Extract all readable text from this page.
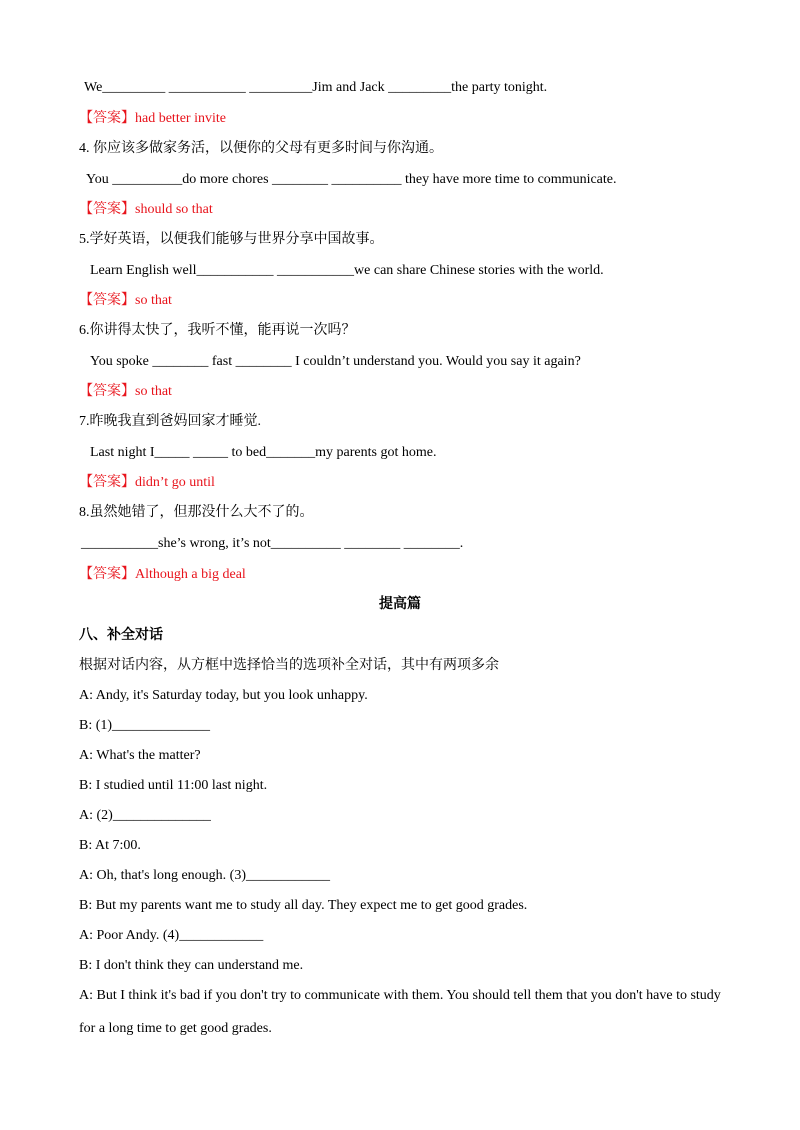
We_________ ___________ _________Jim and Jack _________the party tonight.
【答案】had better invite
4. 你应该多做家务活，以便你的父母有更多时间与你沟通。
You __________do more chores ________ __________ they have more time to communicate.
【答案】should so that
5.学好英语，以便我们能够与世界分享中国故事。
Learn English well___________ ___________we can share Chinese stories with the world.
【答案】so that
6.你讲得太快了，我听不懂，能再说一次吗？
You spoke ________ fast ________ I couldn’t understand you. Would you say it again?
【答案】so that
7.昨晚我直到爸妈回家才睡觉.
Last night I_____ _____ to bed_______my parents got home.
【答案】didn’t go until
8.虽然她错了，但那没什么大不了的。
___________she’s wrong, it’s not__________ ________ ________.
【答案】Although a big deal
提高篇
八、补全对话
根据对话内容，从方框中选择恰当的选项补全对话，其中有两项多余
A: Andy, it's Saturday today, but you look unhappy.
B: (1)______________
A: What's the matter?
B: I studied until 11:00 last night.
A: (2)______________
B: At 7:00.
A: Oh, that's long enough. (3)____________
B: But my parents want me to study all day. They expect me to get good grades.
A: Poor Andy. (4)____________
B: I don't think they can understand me.
A: But I think it's bad if you don't try to communicate with them. You should tell them that you don't have to study
for a long time to get good grades.
